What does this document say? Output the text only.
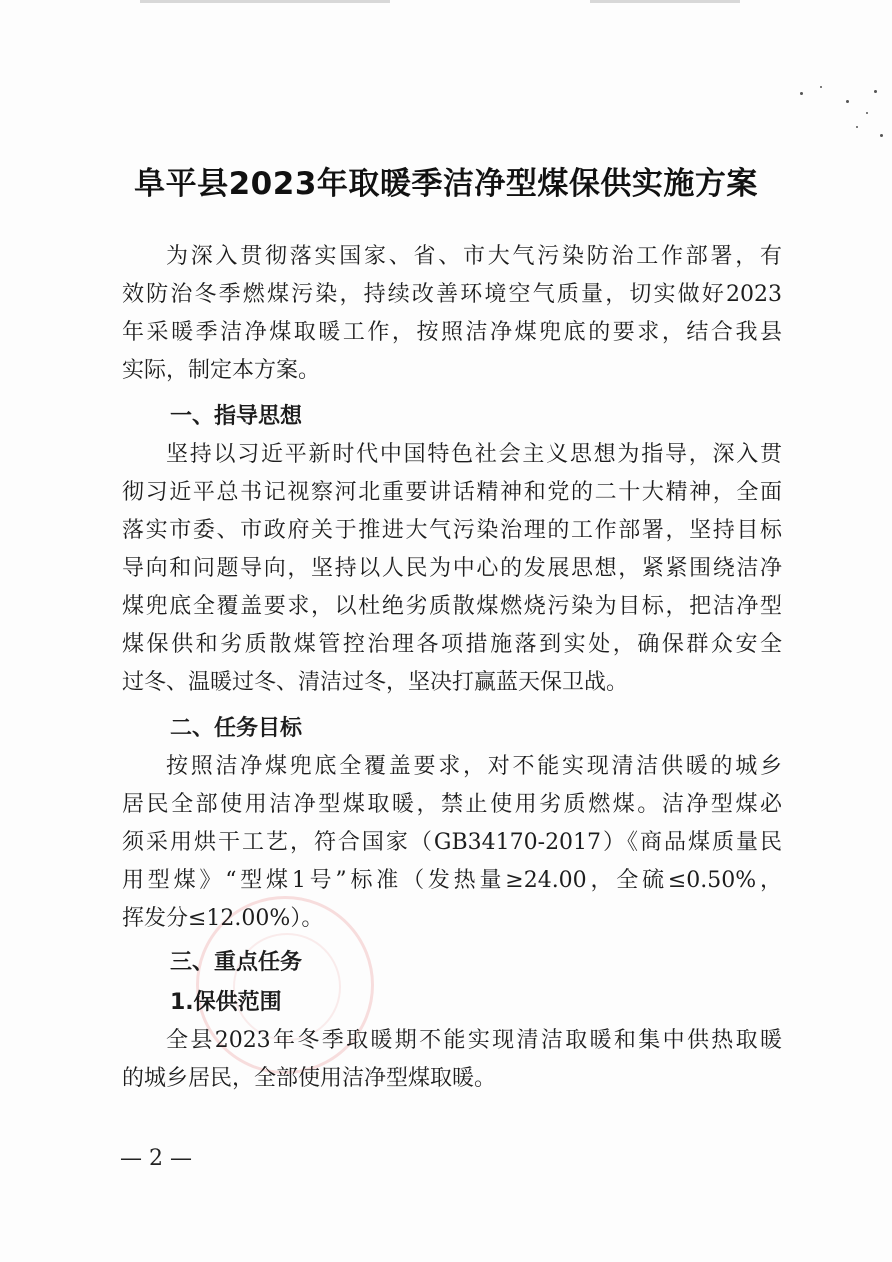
阜平县2023年取暖季洁净型煤保供实施方案
为深入贯彻落实国家、省、市大气污染防治工作部署，有
效防治冬季燃煤污染，持续改善环境空气质量，切实做好2023
年采暖季洁净煤取暖工作，按照洁净煤兜底的要求，结合我县
实际，制定本方案。
一、指导思想
坚持以习近平新时代中国特色社会主义思想为指导，深入贯
彻习近平总书记视察河北重要讲话精神和党的二十大精神，全面
落实市委、市政府关于推进大气污染治理的工作部署，坚持目标
导向和问题导向，坚持以人民为中心的发展思想，紧紧围绕洁净
煤兜底全覆盖要求，以杜绝劣质散煤燃烧污染为目标，把洁净型
煤保供和劣质散煤管控治理各项措施落到实处，确保群众安全
过冬、温暖过冬、清洁过冬，坚决打赢蓝天保卫战。
二、任务目标
按照洁净煤兜底全覆盖要求，对不能实现清洁供暖的城乡
居民全部使用洁净型煤取暖，禁止使用劣质燃煤。洁净型煤必
须采用烘干工艺，符合国家（GB34170-2017）《商品煤质量民
用型煤》“型煤1号”标准（发热量≥24.00，全硫≤0.50%，
挥发分≤12.00%）。
三、重点任务
1.保供范围
全县2023年冬季取暖期不能实现清洁取暖和集中供热取暖
的城乡居民，全部使用洁净型煤取暖。
— 2 —
